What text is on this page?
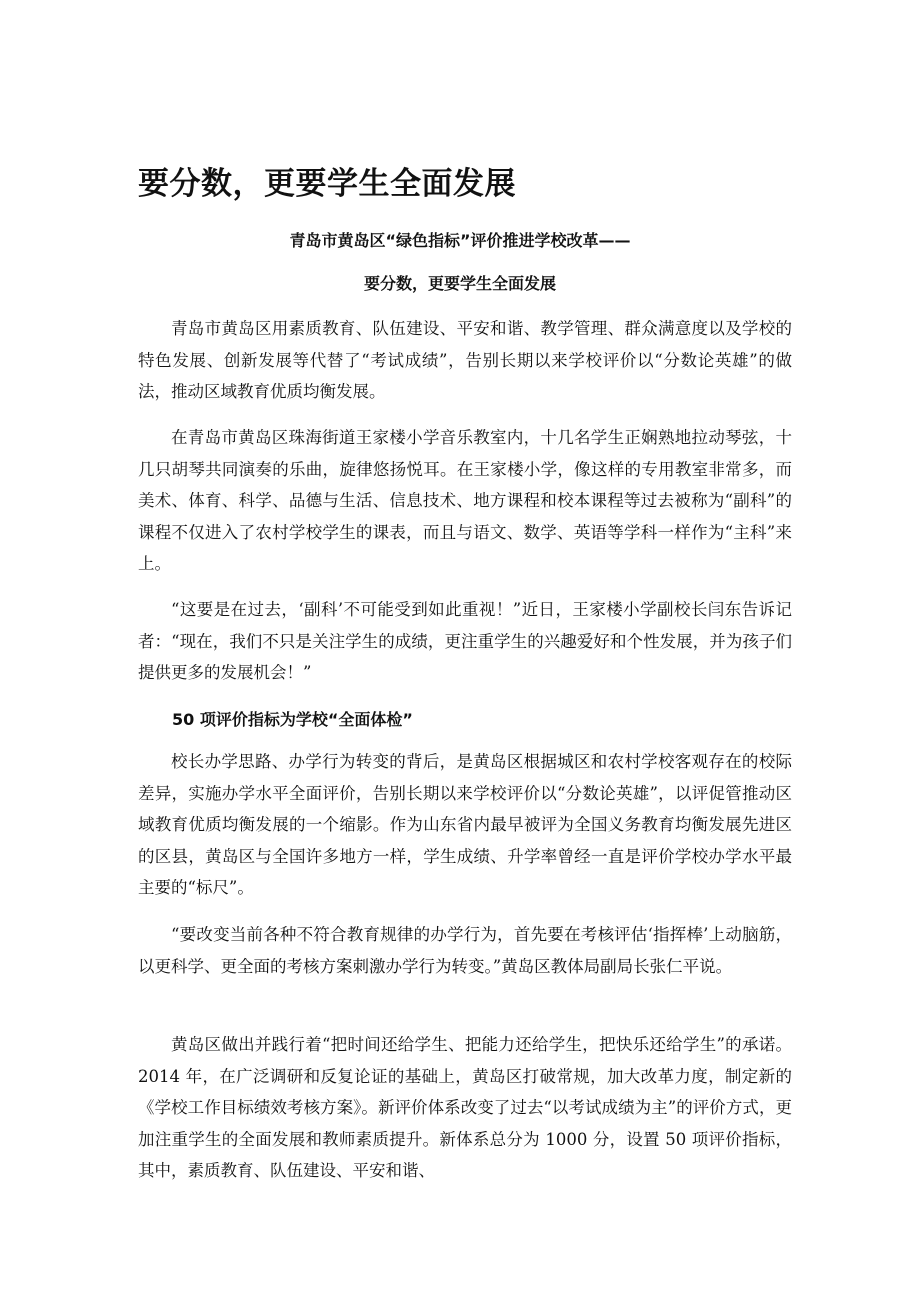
要分数，更要学生全面发展

青岛市黄岛区“绿色指标”评价推进学校改革——

要分数，更要学生全面发展

青岛市黄岛区用素质教育、队伍建设、平安和谐、教学管理、群众满意度以及学校的特色发展、创新发展等代替了“考试成绩”，告别长期以来学校评价以“分数论英雄”的做法，推动区域教育优质均衡发展。

在青岛市黄岛区珠海街道王家楼小学音乐教室内，十几名学生正娴熟地拉动琴弦，十几只胡琴共同演奏的乐曲，旋律悠扬悦耳。在王家楼小学，像这样的专用教室非常多，而美术、体育、科学、品德与生活、信息技术、地方课程和校本课程等过去被称为“副科”的课程不仅进入了农村学校学生的课表，而且与语文、数学、英语等学科一样作为“主科”来上。

“这要是在过去，‘副科’不可能受到如此重视！”近日，王家楼小学副校长闫东告诉记者：“现在，我们不只是关注学生的成绩，更注重学生的兴趣爱好和个性发展，并为孩子们提供更多的发展机会！”

50 项评价指标为学校“全面体检”

校长办学思路、办学行为转变的背后，是黄岛区根据城区和农村学校客观存在的校际差异，实施办学水平全面评价，告别长期以来学校评价以“分数论英雄”，以评促管推动区域教育优质均衡发展的一个缩影。作为山东省内最早被评为全国义务教育均衡发展先进区的区县，黄岛区与全国许多地方一样，学生成绩、升学率曾经一直是评价学校办学水平最主要的“标尺”。

“要改变当前各种不符合教育规律的办学行为，首先要在考核评估‘指挥棒’上动脑筋，以更科学、更全面的考核方案刺激办学行为转变。”黄岛区教体局副局长张仁平说。

黄岛区做出并践行着“把时间还给学生、把能力还给学生，把快乐还给学生”的承诺。2014 年，在广泛调研和反复论证的基础上，黄岛区打破常规，加大改革力度，制定新的《学校工作目标绩效考核方案》。新评价体系改变了过去“以考试成绩为主”的评价方式，更加注重学生的全面发展和教师素质提升。新体系总分为 1000 分，设置 50 项评价指标，其中，素质教育、队伍建设、平安和谐、
